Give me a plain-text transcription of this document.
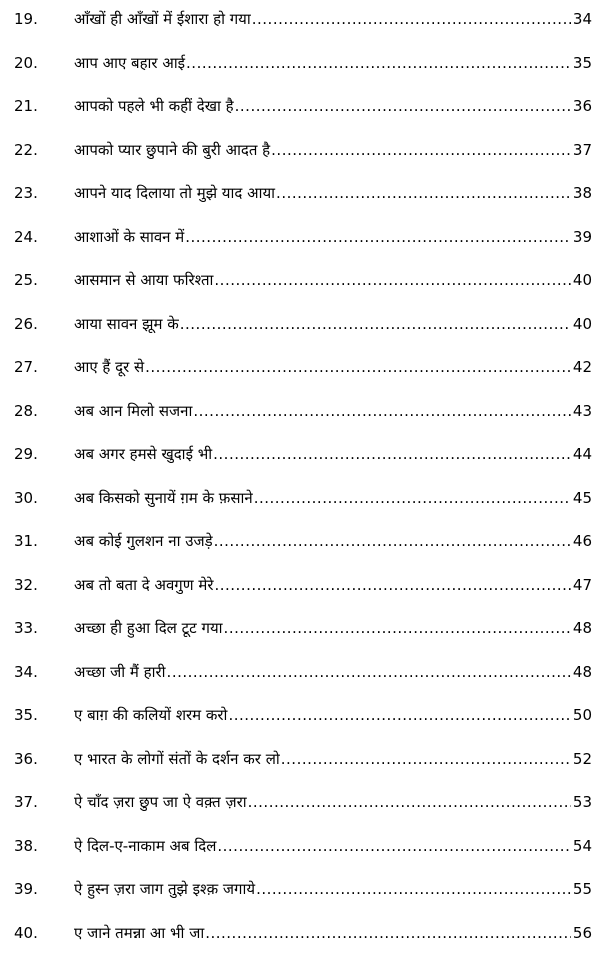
19.	आँखों ही आँखों में ईशारा हो गया .....	34
20.	आप आए बहार आई .....	35
21.	आपको पहले भी कहीं देखा है .....	36
22.	आपको प्यार छुपाने की बुरी आदत है .....	37
23.	आपने याद दिलाया तो मुझे याद आया .....	38
24.	आशाओं के सावन में .....	39
25.	आसमान से आया फरिश्ता .....	40
26.	आया सावन झूम के .....	40
27.	आए हैं दूर से .....	42
28.	अब आन मिलो सजना .....	43
29.	अब अगर हमसे खुदाई भी .....	44
30.	अब किसको सुनायें ग़म के फ़साने .....	45
31.	अब कोई गुलशन ना उजड़े .....	46
32.	अब तो बता दे अवगुण मेरे .....	47
33.	अच्छा ही हुआ दिल टूट गया .....	48
34.	अच्छा जी मैं हारी .....	48
35.	ए बाग़ की कलियों शरम करो .....	50
36.	ए भारत के लोगों संतों के दर्शन कर लो .....	52
37.	ऐ चाँद ज़रा छुप जा ऐ वक़्त ज़रा .....	53
38.	ऐ दिल-ए-नाकाम अब दिल .....	54
39.	ऐ हुस्न ज़रा जाग तुझे इश्क़ जगाये .....	55
40.	ए जाने तमन्ना आ भी जा .....	56
